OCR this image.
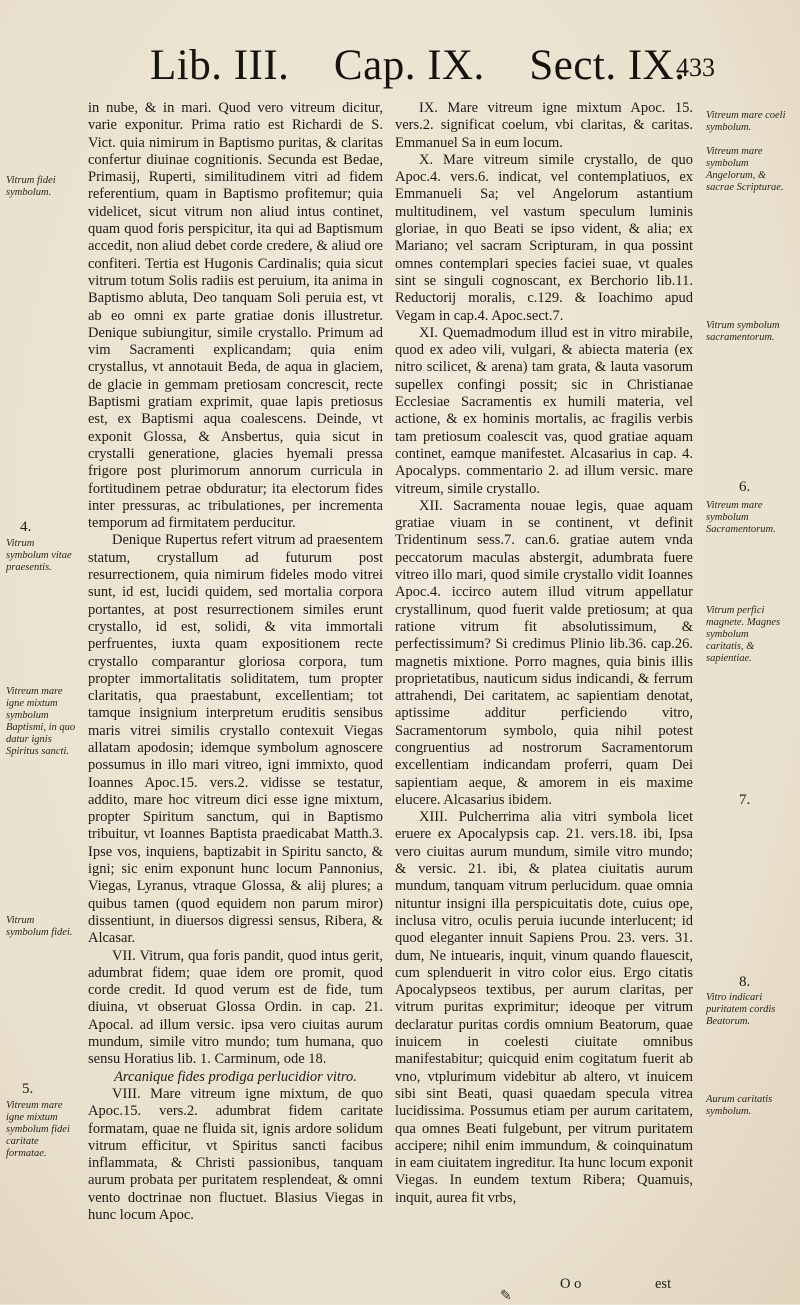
Lib. III. Cap. IX. Sect. IX.
433
Vitrum fidei symbolum.
Vitrum symbolum vitae praesentis.
Vitreum mare igne mixtum symbolum Baptismi, in quo datur ignis Spiritus sancti.
Vitrum symbolum fidei.
Vitreum mare igne mixtum symbolum fidei caritate formatae.
4.
5.

in nube, & in mari. Quod vero vitreum dicitur, varie exponitur. Prima ratio est Richardi de S. Vict. quia nimirum in Baptismo puritas, & claritas confertur diuinae cognitionis. Secunda est Bedae, Primasij, Ruperti, similitudinem vitri ad fidem referentium, quam in Baptismo profitemur; quia videlicet, sicut vitrum non aliud intus continet, quam quod foris perspicitur, ita qui ad Baptismum accedit, non aliud debet corde credere, & aliud ore confiteri. Tertia est Hugonis Cardinalis; quia sicut vitrum totum Solis radiis est peruium, ita anima in Baptismo abluta, Deo tanquam Soli peruia est, vt ab eo omni ex parte gratiae donis illustretur. Denique subiungitur, simile crystallo. Primum ad vim Sacramenti explicandam; quia enim crystallus, vt annotauit Beda, de aqua in glaciem, de glacie in gemmam pretiosam concrescit, recte Baptismi gratiam exprimit, quae lapis pretiosus est, ex Baptismi aqua coalescens. Deinde, vt exponit Glossa, & Ansbertus, quia sicut in crystalli generatione, glacies hyemali pressa frigore post plurimorum annorum curricula in fortitudinem petrae obduratur; ita electorum fides inter pressuras, ac tribulationes, per incrementa temporum ad firmitatem perducitur.

Denique Rupertus refert vitrum ad praesentem statum, crystallum ad futurum post resurrectionem, quia nimirum fideles modo vitrei sunt, id est, lucidi quidem, sed mortalia corpora portantes, at post resurrectionem similes erunt crystallo, id est, solidi, & vita immortali perfruentes, iuxta quam expositionem recte crystallo comparantur gloriosa corpora, tum propter immortalitatis soliditatem, tum propter claritatis, qua praestabunt, excellentiam; tot tamque insignium interpretum eruditis sensibus maris vitrei similis crystallo contexuit Viegas allatam apodosin; idemque symbolum agnoscere possumus in illo mari vitreo, igni immixto, quod Ioannes Apoc.15. vers.2. vidisse se testatur, addito, mare hoc vitreum dici esse igne mixtum, propter Spiritum sanctum, qui in Baptismo tribuitur, vt Ioannes Baptista praedicabat Matth.3. Ipse vos, inquiens, baptizabit in Spiritu sancto, & igni; sic enim exponunt hunc locum Pannonius, Viegas, Lyranus, vtraque Glossa, & alij plures; a quibus tamen (quod equidem non parum miror) dissentiunt, in diuersos digressi sensus, Ribera, & Alcasar.

VII. Vitrum, qua foris pandit, quod intus gerit, adumbrat fidem; quae idem ore promit, quod corde credit. Id quod verum est de fide, tum diuina, vt obseruat Glossa Ordin. in cap. 21. Apocal. ad illum versic. ipsa vero ciuitas aurum mundum, simile vitro mundo; tum humana, quo sensu Horatius lib. 1. Carminum, ode 18.

Arcanique fides prodiga perlucidior vitro.

VIII. Mare vitreum igne mixtum, de quo Apoc.15. vers.2. adumbrat fidem caritate formatam, quae ne fluida sit, ignis ardore solidum vitrum efficitur, vt Spiritus sancti facibus inflammata, & Christi passionibus, tanquam aurum probata per puritatem resplendeat, & omni vento doctrinae non fluctuet. Blasius Viegas in hunc locum Apoc.

IX. Mare vitreum igne mixtum Apoc. 15. vers.2. significat coelum, vbi claritas, & caritas. Emmanuel Sa in eum locum.

X. Mare vitreum simile crystallo, de quo Apoc.4. vers.6. indicat, vel contemplatiuos, ex Emmanueli Sa; vel Angelorum astantium multitudinem, vel vastum speculum luminis gloriae, in quo Beati se ipso vident, & alia; ex Mariano; vel sacram Scripturam, in qua possint omnes contemplari species faciei suae, vt quales sint se singuli cognoscant, ex Berchorio lib.11. Reductorij moralis, c.129. & Ioachimo apud Vegam in cap.4. Apoc.sect.7.

XI. Quemadmodum illud est in vitro mirabile, quod ex adeo vili, vulgari, & abiecta materia (ex nitro scilicet, & arena) tam grata, & lauta vasorum supellex confingi possit; sic in Christianae Ecclesiae Sacramentis ex humili materia, vel actione, & ex hominis mortalis, ac fragilis verbis tam pretiosum coalescit vas, quod gratiae aquam continet, eamque manifestet. Alcasarius in cap. 4. Apocalyps. commentario 2. ad illum versic. mare vitreum, simile crystallo.

XII. Sacramenta nouae legis, quae aquam gratiae viuam in se continent, vt definit Tridentinum sess.7. can.6. gratiae autem vnda peccatorum maculas abstergit, adumbrata fuere vitreo illo mari, quod simile crystallo vidit Ioannes Apoc.4. iccirco autem illud vitrum appellatur crystallinum, quod fuerit valde pretiosum; at qua ratione vitrum fit absolutissimum, & perfectissimum? Si credimus Plinio lib.36. cap.26. magnetis mixtione. Porro magnes, quia binis illis proprietatibus, nauticum sidus indicandi, & ferrum attrahendi, Dei caritatem, ac sapientiam denotat, aptissime additur perficiendo vitro, Sacramentorum symbolo, quia nihil potest congruentius ad nostrorum Sacramentorum excellentiam indicandam proferri, quam Dei sapientiam aeque, & amorem in eis maxime elucere. Alcasarius ibidem.

XIII. Pulcherrima alia vitri symbola licet eruere ex Apocalypsis cap. 21. vers.18. ibi, Ipsa vero ciuitas aurum mundum, simile vitro mundo; & versic. 21. ibi, & platea ciuitatis aurum mundum, tanquam vitrum perlucidum. quae omnia nituntur insigni illa perspicuitatis dote, cuius ope, inclusa vitro, oculis peruia iucunde interlucent; id quod eleganter innuit Sapiens Prou. 23. vers. 31. dum, Ne intuearis, inquit, vinum quando flauescit, cum splenduerit in vitro color eius. Ergo citatis Apocalypseos textibus, per aurum claritas, per vitrum puritas exprimitur; ideoque per vitrum declaratur puritas cordis omnium Beatorum, quae inuicem in coelesti ciuitate omnibus manifestabitur; quicquid enim cogitatum fuerit ab vno, vtplurimum videbitur ab altero, vt inuicem sibi sint Beati, quasi quaedam specula vitrea lucidissima. Possumus etiam per aurum caritatem, qua omnes Beati fulgebunt, per vitrum puritatem accipere; nihil enim immundum, & coinquinatum in eam ciuitatem ingreditur. Ita hunc locum exponit Viegas. In eundem textum Ribera; Quamuis, inquit, aurea fit vrbs,

Vitreum mare coeli symbolum.
Vitreum mare symbolum Angelorum, & sacrae Scripturae.
Vitrum symbolum sacramentorum.
Vitreum mare symbolum Sacramentorum.
Vitrum perfici magnete. Magnes symbolum caritatis, & sapientiae.
Vitro indicari puritatem cordis Beatorum.
Aurum caritatis symbolum.
6.
7.
8.
O o	est
✎
